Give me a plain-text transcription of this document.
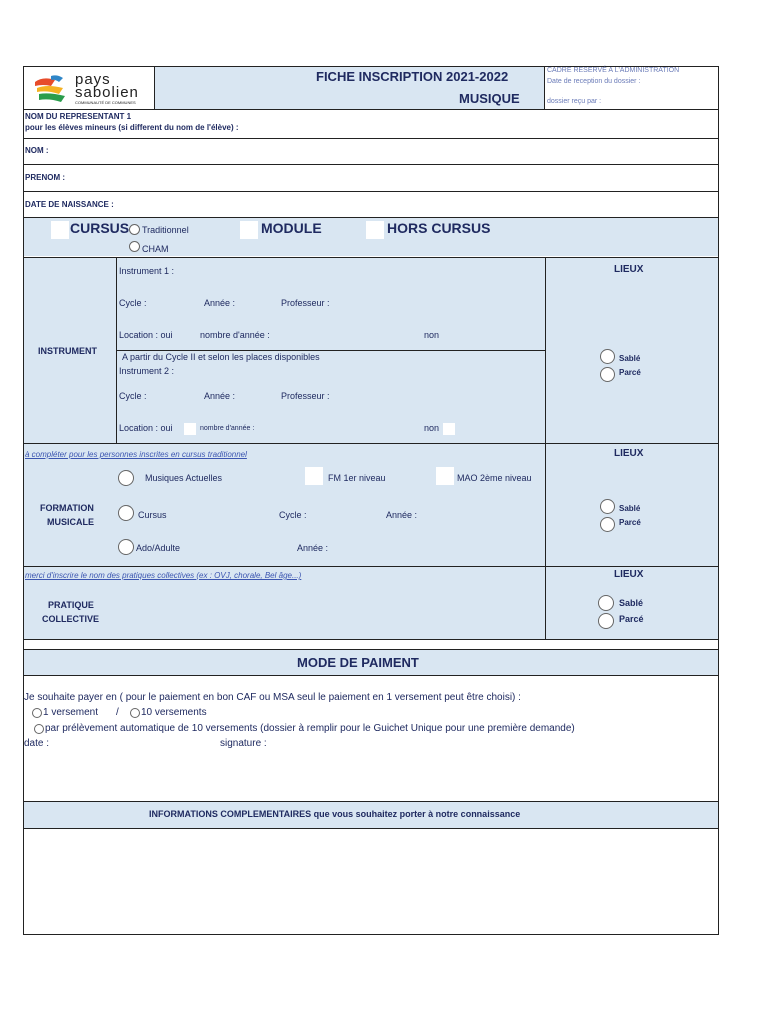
pays
sabolien
COMMUNAUTÉ DE COMMUNES
FICHE INSCRIPTION 2021-2022
MUSIQUE
CADRE RESERVÉ A L'ADMINISTRATION
Date de reception du dossier :
dossier reçu par :
NOM DU REPRESENTANT 1
pour les élèves mineurs (si different du nom de l'élève) :
NOM :
PRENOM :
DATE DE NAISSANCE :
CURSUS Traditionnel
CHAM
MODULE	HORS CURSUS
INSTRUMENT
Instrument 1 :
Cycle :	Année :	Professeur :
Location : oui	nombre d'année :	non
A partir du Cycle II et selon les places disponibles
Instrument 2 :
Cycle :	Année :	Professeur :
Location : oui	nombre d'année :	non
LIEUX
Sablé
Parcé
à compléter pour les personnes inscrites en cursus traditionnel
FORMATION
MUSICALE
Musiques Actuelles	FM 1er niveau	MAO 2ème niveau
Cursus	Cycle :	Année :
Ado/Adulte	Année :
LIEUX
Sablé
Parcé
merci d'inscrire le nom des pratiques collectives (ex : OVJ, chorale, Bel âge...)
PRATIQUE
COLLECTIVE
LIEUX
Sablé
Parcé
MODE DE PAIMENT
Je souhaite payer en ( pour le paiement en bon CAF ou MSA seul le paiement en 1 versement peut être choisi) :
1 versement / 10 versements
par prélèvement automatique de 10 versements (dossier à remplir pour le Guichet Unique pour une première demande)
date :	signature :
INFORMATIONS COMPLEMENTAIRES que vous souhaitez porter à notre connaissance
